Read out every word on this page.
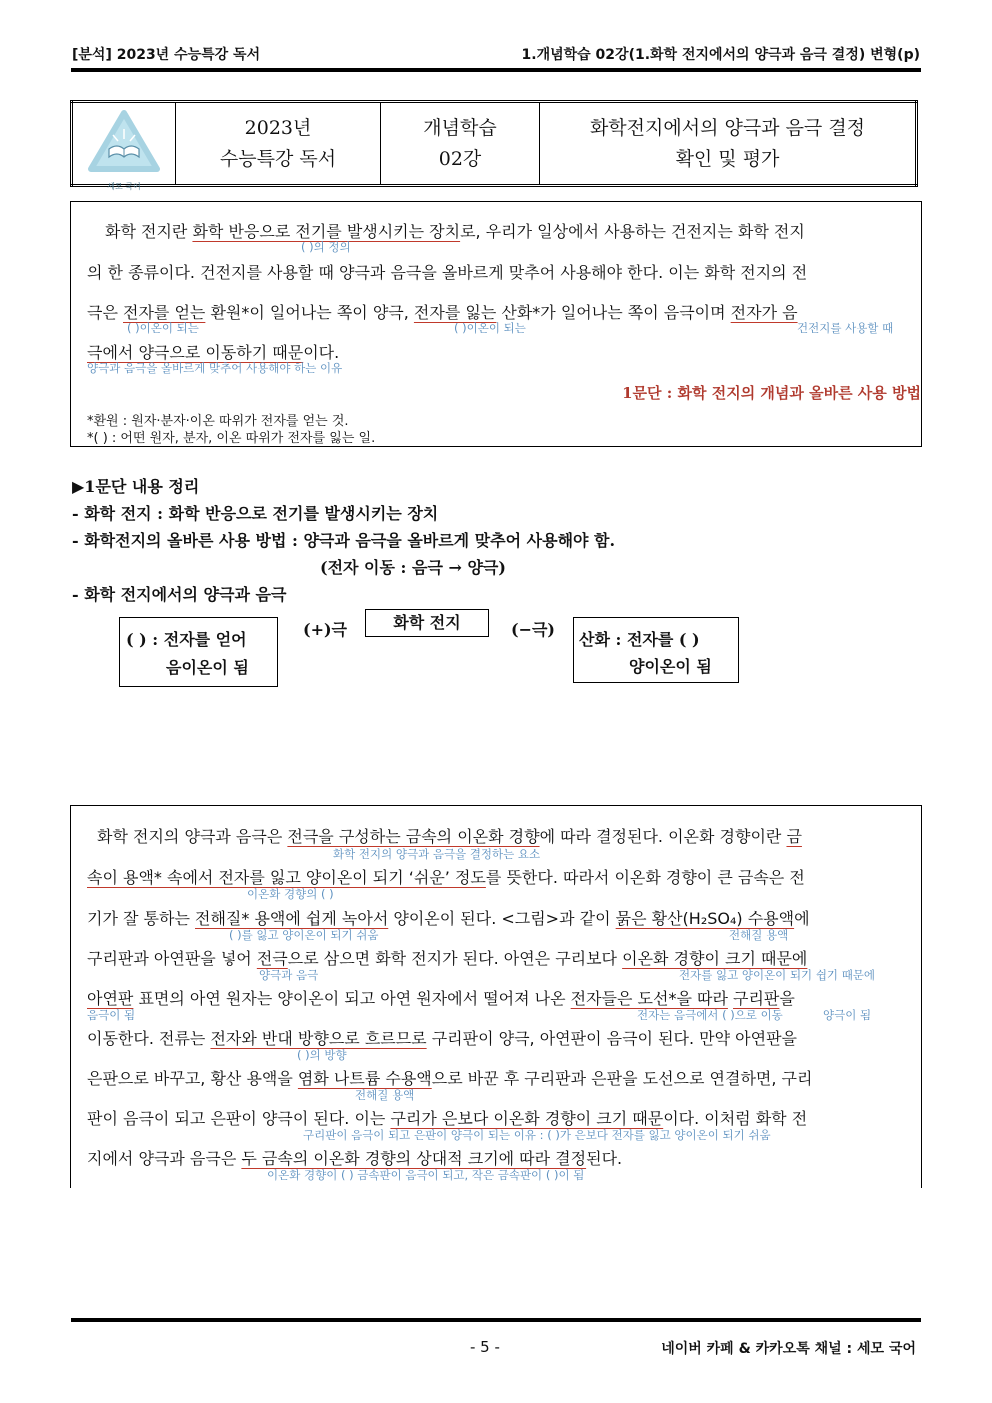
[분석] 2023년 수능특강 독서	1.개념학습 02강(1.화학 전지에서의 양극과 음극 결정) 변형(p)
세모 국어

2023년
수능특강 독서

개념학습
02강

화학전지에서의 양극과 음극 결정
확인 및 평가
화학 전지란 화학 반응으로 전기를 발생시키는 장치로, 우리가 일상에서 사용하는 건전지는 화학 전지
( )의 정의
의 한 종류이다. 건전지를 사용할 때 양극과 음극을 올바르게 맞추어 사용해야 한다. 이는 화학 전지의 전
극은 전자를 얻는 환원*이 일어나는 쪽이 양극, 전자를 잃는 산화*가 일어나는 쪽이 음극이며 전자가 음
( )이온이 되는	( )이온이 되는	건전지를 사용할 때
극에서 양극으로 이동하기 때문이다.
양극과 음극을 올바르게 맞추어 사용해야 하는 이유
1문단 : 화학 전지의 개념과 올바른 사용 방법
*환원 : 원자·분자·이온 따위가 전자를 얻는 것.
*( ) : 어떤 원자, 분자, 이온 따위가 전자를 잃는 일.
▶1문단 내용 정리
- 화학 전지 : 화학 반응으로 전기를 발생시키는 장치
- 화학전지의 올바른 사용 방법 : 양극과 음극을 올바르게 맞추어 사용해야 함.
(전자 이동 : 음극 → 양극)
- 화학 전지에서의 양극과 음극
( ) : 전자를 얻어
음이온이 됨
(+)극	화학 전지	(−극)
산화 : 전자를 ( )
양이온이 됨
화학 전지의 양극과 음극은 전극을 구성하는 금속의 이온화 경향에 따라 결정된다. 이온화 경향이란 금
화학 전지의 양극과 음극을 결정하는 요소
속이 용액* 속에서 전자를 잃고 양이온이 되기 ‘쉬운’ 정도를 뜻한다. 따라서 이온화 경향이 큰 금속은 전
이온화 경향의 ( )
기가 잘 통하는 전해질* 용액에 쉽게 녹아서 양이온이 된다. <그림>과 같이 묽은 황산(H₂SO₄) 수용액에
( )를 잃고 양이온이 되기 쉬움	전해질 용액
구리판과 아연판을 넣어 전극으로 삼으면 화학 전지가 된다. 아연은 구리보다 이온화 경향이 크기 때문에
양극과 음극	전자를 잃고 양이온이 되기 쉽기 때문에
아연판 표면의 아연 원자는 양이온이 되고 아연 원자에서 떨어져 나온 전자들은 도선*을 따라 구리판을
음극이 됨	전자는 음극에서 ( )으로 이동	양극이 됨
이동한다. 전류는 전자와 반대 방향으로 흐르므로 구리판이 양극, 아연판이 음극이 된다. 만약 아연판을
( )의 방향
은판으로 바꾸고, 황산 용액을 염화 나트륨 수용액으로 바꾼 후 구리판과 은판을 도선으로 연결하면, 구리
전해질 용액
판이 음극이 되고 은판이 양극이 된다. 이는 구리가 은보다 이온화 경향이 크기 때문이다. 이처럼 화학 전
구리판이 음극이 되고 은판이 양극이 되는 이유 : ( )가 은보다 전자를 잃고 양이온이 되기 쉬움
지에서 양극과 음극은 두 금속의 이온화 경향의 상대적 크기에 따라 결정된다.
이온화 경향이 ( ) 금속판이 음극이 되고, 작은 금속판이 ( )이 됨
- 5 -	네이버 카페 & 카카오톡 채널 : 세모 국어
